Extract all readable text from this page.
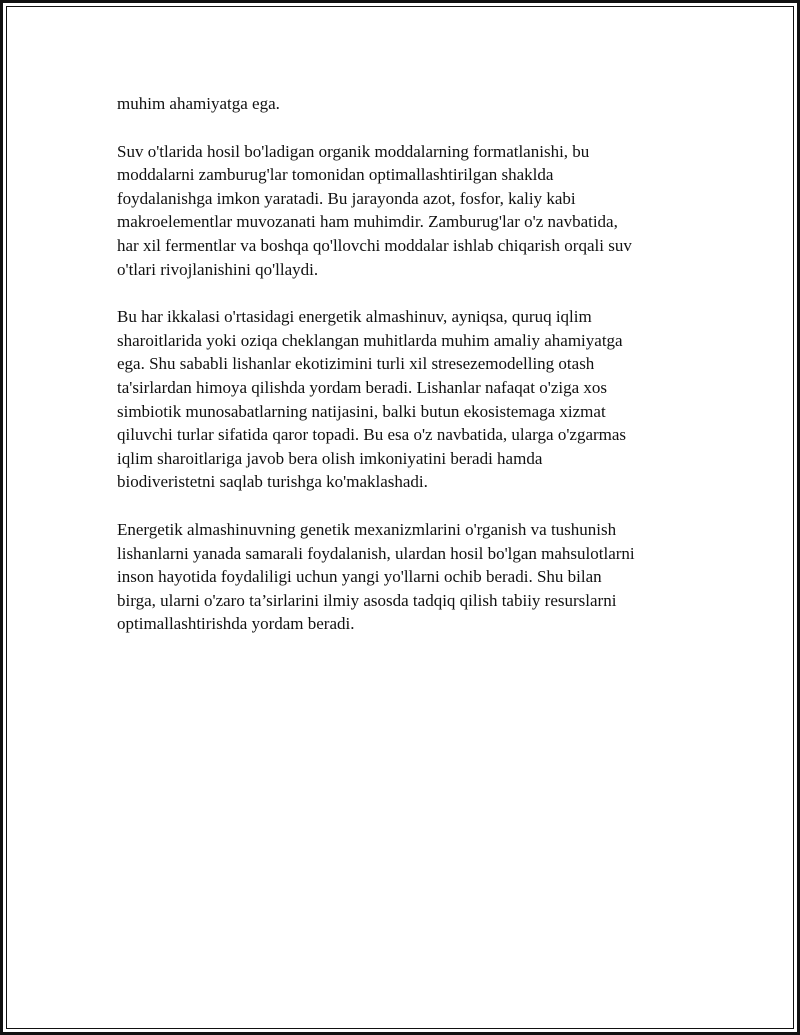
muhim ahamiyatga ega.

Suv o'tlarida hosil bo'ladigan organik moddalarning formatlanishi, bu
moddalarni zamburug'lar tomonidan optimallashtirilgan shaklda
foydalanishga imkon yaratadi. Bu jarayonda azot, fosfor, kaliy kabi
makroelementlar muvozanati ham muhimdir. Zamburug'lar o'z navbatida,
har xil fermentlar va boshqa qo'llovchi moddalar ishlab chiqarish orqali suv
o'tlari rivojlanishini qo'llaydi.

Bu har ikkalasi o'rtasidagi energetik almashinuv, ayniqsa, quruq iqlim
sharoitlarida yoki oziqa cheklangan muhitlarda muhim amaliy ahamiyatga
ega. Shu sababli lishanlar ekotizimini turli xil stresezemodelling otash
ta'sirlardan himoya qilishda yordam beradi. Lishanlar nafaqat o'ziga xos
simbiotik munosabatlarning natijasini, balki butun ekosistemaga xizmat
qiluvchi turlar sifatida qaror topadi. Bu esa o'z navbatida, ularga o'zgarmas
iqlim sharoitlariga javob bera olish imkoniyatini beradi hamda
biodiveristetni saqlab turishga ko'maklashadi.

Energetik almashinuvning genetik mexanizmlarini o'rganish va tushunish
lishanlarni yanada samarali foydalanish, ulardan hosil bo'lgan mahsulotlarni
inson hayotida foydaliligi uchun yangi yo'llarni ochib beradi. Shu bilan
birga, ularni o'zaro ta’sirlarini ilmiy asosda tadqiq qilish tabiiy resurslarni
optimallashtirishda yordam beradi.
